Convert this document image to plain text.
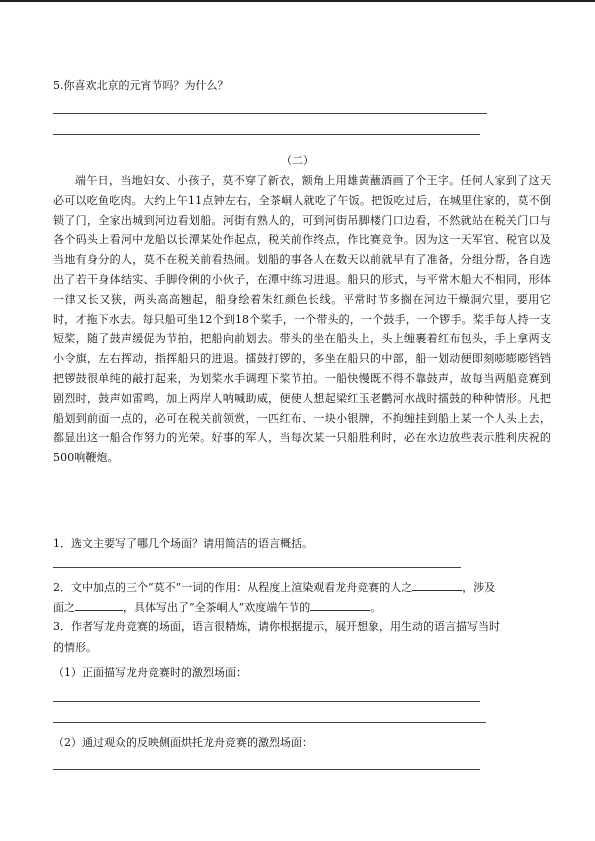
5.你喜欢北京的元宵节吗？为什么？
（二）

端午日，当地妇女、小孩子，莫不穿了新衣，额角上用雄黄蘸酒画了个王字。任何人家到了这天必可以吃鱼吃肉。大约上午11点钟左右，全茶峒人就吃了午饭。把饭吃过后，在城里住家的，莫不倒锁了门，全家出城到河边看划船。河街有熟人的，可到河街吊脚楼门口边看，不然就站在税关门口与各个码头上看河中龙船以长潭某处作起点，税关前作终点，作比赛竞争。因为这一天军官、税官以及当地有身分的人，莫不在税关前看热闹。划船的事各人在数天以前就早有了准备，分组分帮，各自选出了若干身体结实、手脚伶俐的小伙子，在潭中练习进退。船只的形式，与平常木船大不相同，形体一律又长又狭，两头高高翘起，船身绘着朱红颜色长线。平常时节多搁在河边干燥洞穴里，要用它时，才拖下水去。每只船可坐12个到18个桨手，一个带头的，一个鼓手，一个锣手。桨手每人持一支短桨，随了鼓声缓促为节拍，把船向前划去。带头的坐在船头上，头上缠裹着红布包头，手上拿两支小令旗，左右挥动，指挥船只的进退。擂鼓打锣的，多坐在船只的中部，船一划动便即刻嘭嘭嘭铛铛把锣鼓很单纯的敲打起来，为划桨水手调理下桨节拍。一船快慢既不得不靠鼓声，故每当两船竞赛到剧烈时，鼓声如雷鸣，加上两岸人呐喊助威，便使人想起梁红玉老鹳河水战时擂鼓的种种情形。凡把船划到前面一点的，必可在税关前领赏，一匹红布、一块小银牌，不拘缠挂到船上某一个人头上去，都显出这一船合作努力的光荣。好事的军人，当每次某一只船胜利时，必在水边放些表示胜利庆祝的500响鞭炮。

1．选文主要写了哪几个场面？请用简洁的语言概括。
2．文中加点的三个“莫不”一词的作用：从程度上渲染观看龙舟竞赛的人之	，涉及
面之	，具体写出了“全茶峒人”欢度端午节的	。
3．作者写龙舟竞赛的场面，语言很精炼，请你根据提示，展开想象，用生动的语言描写当时
的情形。
（1）正面描写龙舟竞赛时的激烈场面：
（2）通过观众的反映侧面烘托龙舟竞赛的激烈场面：
